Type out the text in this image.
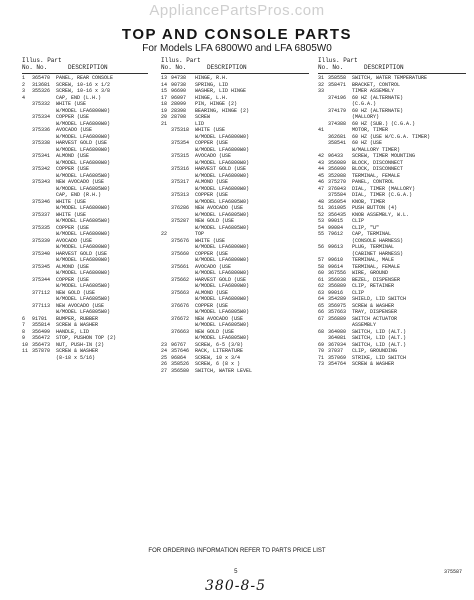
AppliancePartsPros.com
TOP AND CONSOLE PARTS
For Models LFA 6800W0 and LFA 6805W0
Illus. Part
No. No.	DESCRIPTION
1 365470 PANEL, REAR CONSOLE
2 313681 SCREW, 10-16 x 1/2
3 355326 SCREW, 10-16 x 3/8
4	CAP, END (L.H.)
375332 WHITE (USE
W/MODEL LFA6800W0)
375334 COPPER (USE
W/MODEL LFA6800W0)
375336 AVOCADO (USE
W/MODEL LFA6800W0)
375338 HARVEST GOLD (USE
W/MODEL LFA6800W0)
375341 ALMOND (USE
W/MODEL LFA6800W0)
375342 COPPER (USE
W/MODEL LFA6805W0)
375343 NEW AVOCADO (USE
W/MODEL LFA6805W0)
CAP, END (R.H.)
375346 WHITE (USE
W/MODEL LFA6800W0)
375337 WHITE (USE
W/MODEL LFA6805W0)
375335 COPPER (USE
W/MODEL LFA6800W0)
375339 AVOCADO (USE
W/MODEL LFA6800W0)
375340 HARVEST GOLD (USE
W/MODEL LFA6800W0)
375345 ALMOND (USE
W/MODEL LFA6800W0)
375344 COPPER (USE
W/MODEL LFA6805W0)
377112 NEW GOLD (USE
W/MODEL LFA6805W0)
377113 NEW AVOCADO (USE
W/MODEL LFA6805W0)
6 91701 BUMPER, RUBBER
7 355814 SCREW & WASHER
8 356499 HANDLE, LID
9 356472 STOP, PUSHON TOP (2)
10 356473 NUT, PUSH-IN (2)
11 357870 SCREW & WASHER
(8-18 x 5/16)
Illus. Part
No. No.	DESCRIPTION
13 94738 HINGE, R.H.
14 90738 SPRING, LID
15 96690 WASHER, LID HINGE
17 96097 HINGE, L.H.
18 28099 PIN, HINGE (2)
19 28398 BEARING, HINGE (2)
20 28708 SCREW
21	LID
375318 WHITE (USE
W/MODEL LFA6800W0)
375354 COPPER (USE
W/MODEL LFA6800W0)
375315 AVOCADO (USE
W/MODEL LFA6800W0)
375316 HARVEST GOLD (USE
W/MODEL LFA6800W0)
375317 ALMOND (USE
W/MODEL LFA6800W0)
375313 COPPER (USE
W/MODEL LFA6805W0)
376286 NEW AVOCADO (USE
W/MODEL LFA6805W0)
375287 NEW GOLD (USE
W/MODEL LFA6805W0)
22	TOP
375676 WHITE (USE
W/MODEL LFA6800W0)
375660 COPPER (USE
W/MODEL LFA6800W0)
375661 AVOCADO (USE
W/MODEL LFA6800W0)
375662 HARVEST GOLD (USE
W/MODEL LFA6800W0)
375663 ALMOND (USE
W/MODEL LFA6800W0)
376676 COPPER (USE
W/MODEL LFA6805W0)
376672 NEW AVOCADO (USE
W/MODEL LFA6805W0)
376663 NEW GOLD (USE
W/MODEL LFA6805W0)
23 96767 SCREW, 6-5 (3/8)
24 357646 RACK, LITERATURE
25 96864 SCREW, 10 x 3/4
26 358526 SCREW, 6 (8 x )
27 356580 SWITCH, WATER LEVEL
Illus. Part
No. No.	DESCRIPTION
31 358558 SWITCH, WATER TEMPERATURE
32 358471 BRACKET, CONTROL
33	TIMER ASSEMBLY
374196 60 HZ (ALTERNATE)
(C.G.A.)
374179 60 HZ (ALTERNATE)
(MALLORY)
374388 60 HZ (SUB.) (C.G.A.)
41	MOTOR, TIMER
362681 60 HZ (USE W/C.G.A. TIMER)
358541 60 HZ (USE
W/MALLORY TIMER)
42 96433 SCREW, TIMER MOUNTING
43 356089 BLOCK, DISCONNECT
44 356090 BLOCK, DISCONNECT
45 352088 TERMINAL, FEMALE
46 375270 PANEL, CONTROL
47 376043 DIAL, TIMER (MALLORY)
375584 DIAL, TIMER (C.G.A.)
48 356054 KNOB, TIMER
51 361005 PUSH BUTTON (4)
52 356435 KNOB ASSEMBLY, W.L.
53 99015 CLIP
54 99084 CLIP, "U"
55 79612 CAP, TERMINAL
(CONSOLE HARNESS)
56 99613 PLUG, TERMINAL
(CABINET HARNESS)
57 99610 TERMINAL, MALE
58 99614 TERMINAL, FEMALE
60 367556 WIRE, GROUND
61 356038 BEZEL, DISPENSER
62 356889 CLIP, RETAINER
63 99016 CLIP
64 354289 SHIELD, LID SWITCH
65 356975 SCREW & WASHER
66 357663 TRAY, DISPENSER
67 356889 SWITCH ACTUATOR
ASSEMBLY
68 364080 SWITCH, LID (ALT.)
364081 SWITCH, LID (ALT.)
69 367034 SWITCH, LID (ALT.)
70 37037 CLIP, GROUNDING
71 357069 STRIKE, LID SWITCH
73 354764 SCREW & WASHER
FOR ORDERING INFORMATION REFER TO PARTS PRICE LIST
5	375587
380-8-5
